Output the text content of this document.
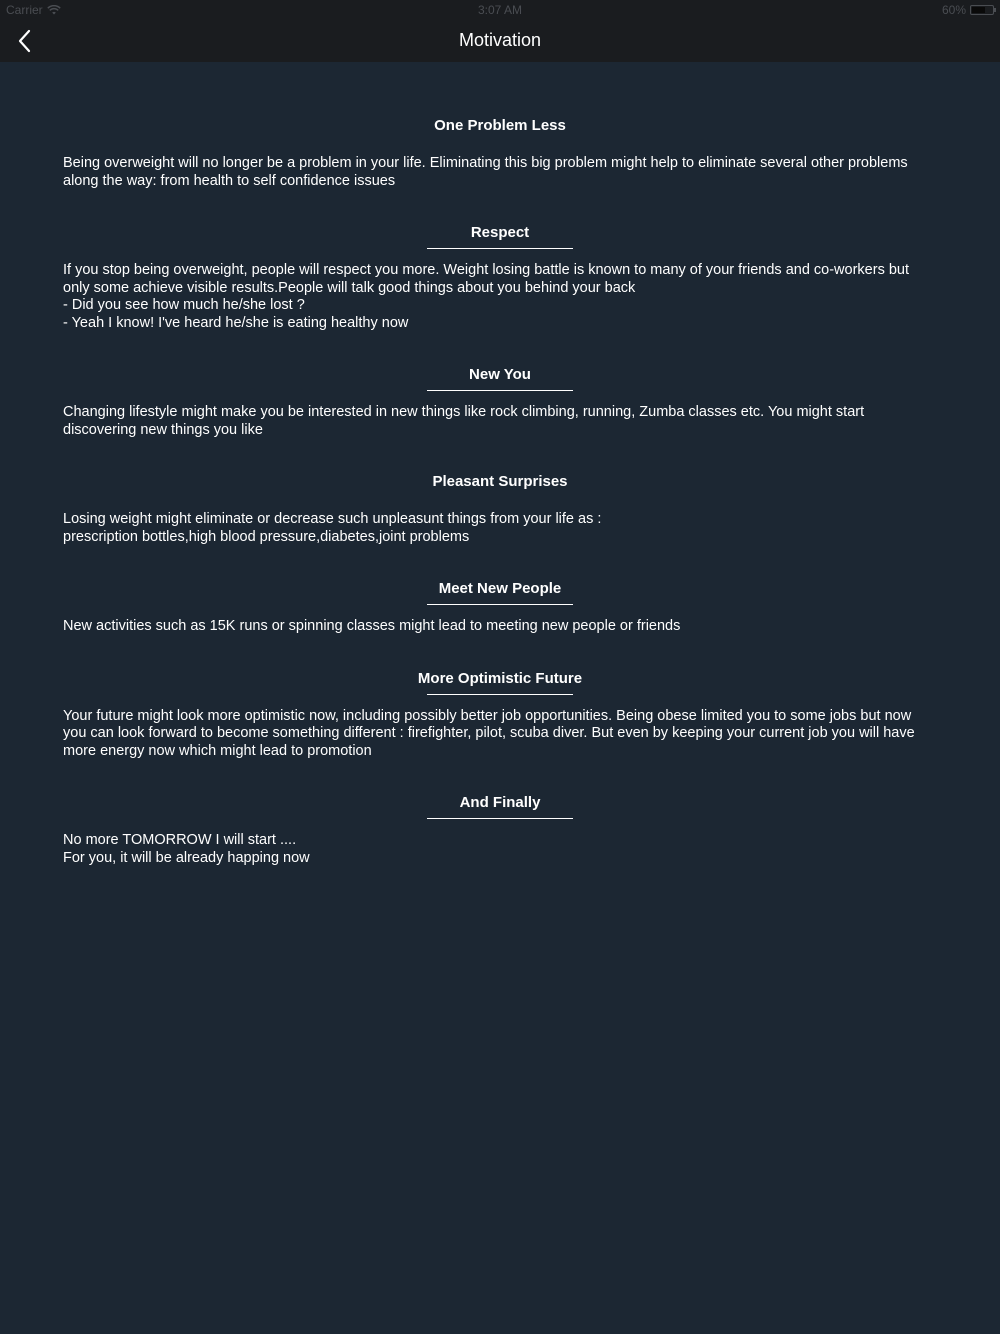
Carrier	3:07 AM	60%
Motivation
One Problem Less
Being overweight will no longer be a problem in your life. Eliminating this big problem might help to eliminate several other problems along the way: from health to self confidence issues
Respect
If you stop being overweight, people will respect you more. Weight losing battle is known to many of your friends and co-workers but only some achieve visible results.People will talk good things about you behind your back
- Did you see how much he/she lost ?
- Yeah I know! I've heard he/she is eating healthy now
New You
Changing lifestyle might make you be interested in new things like rock climbing, running, Zumba classes etc. You might start discovering new things you like
Pleasant Surprises
Losing weight might eliminate or decrease such unpleasunt things from your life as :
prescription bottles,high blood pressure,diabetes,joint problems
Meet New People
New activities such as 15K runs or spinning classes might lead to meeting new people or friends
More Optimistic Future
Your future might look more optimistic now, including possibly better job opportunities. Being obese limited you to some jobs but now you can look forward to become something different : firefighter, pilot, scuba diver. But even by keeping your current job you will have more energy now which might lead to promotion
And Finally
No more TOMORROW I will start ....
For you, it will be already happing now
